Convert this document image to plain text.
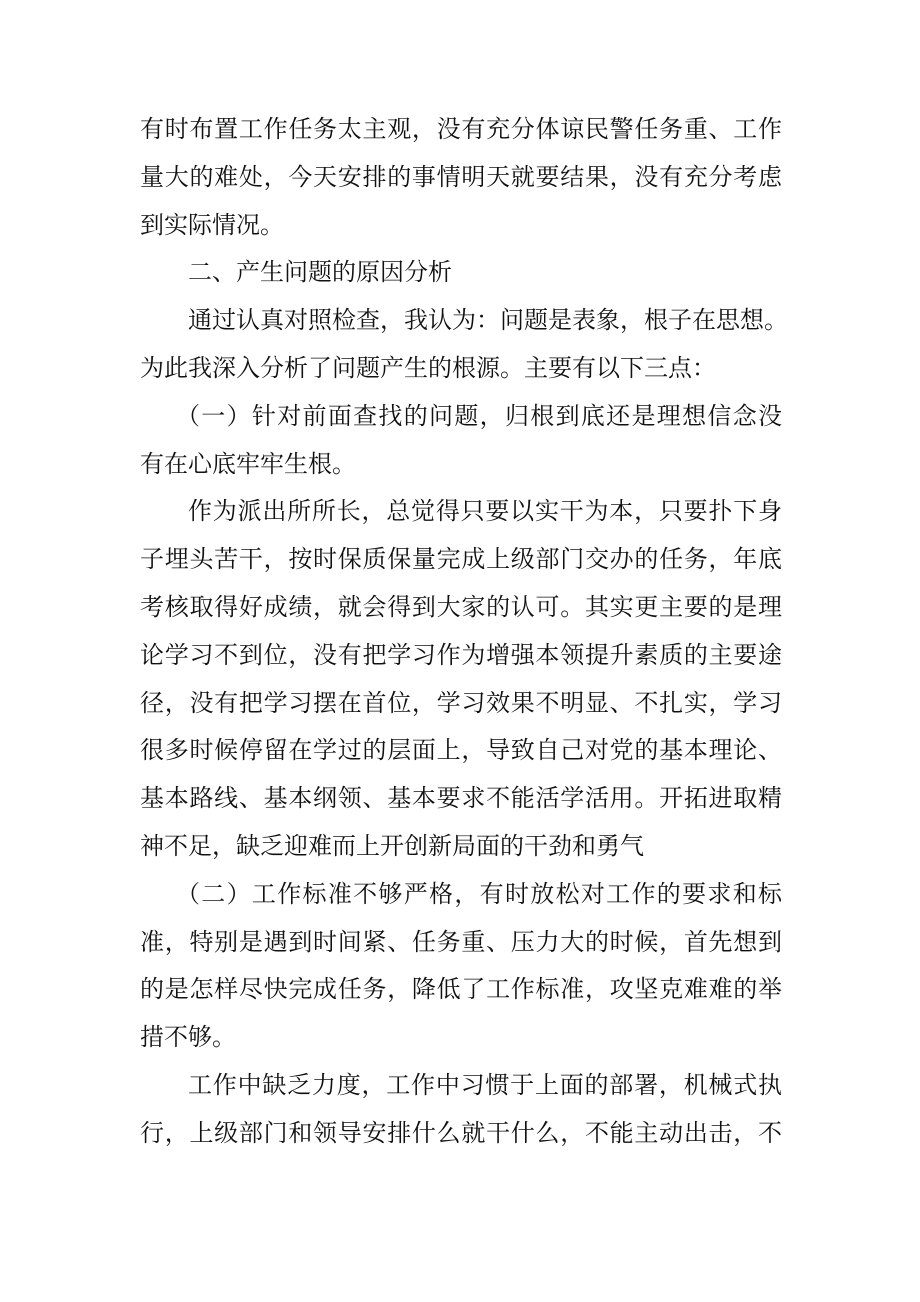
有时布置工作任务太主观，没有充分体谅民警任务重、工作
量大的难处，今天安排的事情明天就要结果，没有充分考虑
到实际情况。
二、产生问题的原因分析
通过认真对照检查，我认为：问题是表象，根子在思想。
为此我深入分析了问题产生的根源。主要有以下三点：
（一）针对前面查找的问题，归根到底还是理想信念没
有在心底牢牢生根。
作为派出所所长，总觉得只要以实干为本，只要扑下身
子埋头苦干，按时保质保量完成上级部门交办的任务，年底
考核取得好成绩，就会得到大家的认可。其实更主要的是理
论学习不到位，没有把学习作为增强本领提升素质的主要途
径，没有把学习摆在首位，学习效果不明显、不扎实，学习
很多时候停留在学过的层面上，导致自己对党的基本理论、
基本路线、基本纲领、基本要求不能活学活用。开拓进取精
神不足，缺乏迎难而上开创新局面的干劲和勇气
（二）工作标准不够严格，有时放松对工作的要求和标
准，特别是遇到时间紧、任务重、压力大的时候，首先想到
的是怎样尽快完成任务，降低了工作标准，攻坚克难难的举
措不够。
工作中缺乏力度，工作中习惯于上面的部署，机械式执
行，上级部门和领导安排什么就干什么，不能主动出击，不
